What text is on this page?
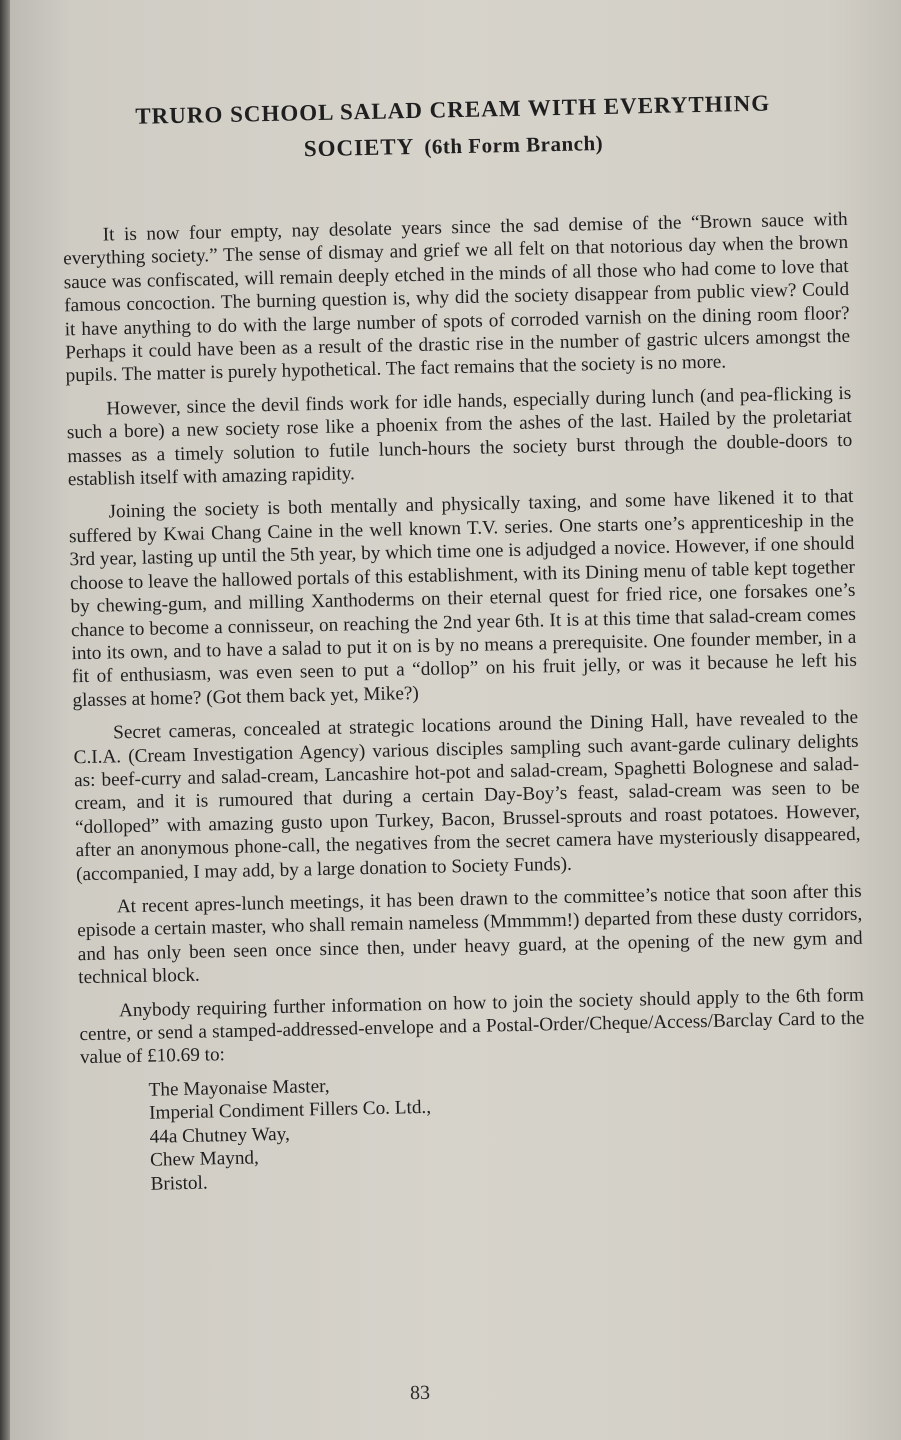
TRURO SCHOOL SALAD CREAM WITH EVERYTHING
SOCIETY (6th Form Branch)

It is now four empty, nay desolate years since the sad demise of the “Brown sauce with everything society.” The sense of dismay and grief we all felt on that notorious day when the brown sauce was confiscated, will remain deeply etched in the minds of all those who had come to love that famous concoction. The burning question is, why did the society disappear from public view? Could it have anything to do with the large number of spots of corroded varnish on the dining room floor? Perhaps it could have been as a result of the drastic rise in the number of gastric ulcers amongst the pupils. The matter is purely hypothetical. The fact remains that the society is no more.

However, since the devil finds work for idle hands, especially during lunch (and pea-flicking is such a bore) a new society rose like a phoenix from the ashes of the last. Hailed by the proletariat masses as a timely solution to futile lunch-hours the society burst through the double-doors to establish itself with amazing rapidity.

Joining the society is both mentally and physically taxing, and some have likened it to that suffered by Kwai Chang Caine in the well known T.V. series. One starts one’s apprenticeship in the 3rd year, lasting up until the 5th year, by which time one is adjudged a novice. However, if one should choose to leave the hallowed portals of this establishment, with its Dining menu of table kept together by chewing-gum, and milling Xanthoderms on their eternal quest for fried rice, one forsakes one’s chance to become a connisseur, on reaching the 2nd year 6th. It is at this time that salad-cream comes into its own, and to have a salad to put it on is by no means a prerequisite. One founder member, in a fit of enthusiasm, was even seen to put a “dollop” on his fruit jelly, or was it because he left his glasses at home? (Got them back yet, Mike?)

Secret cameras, concealed at strategic locations around the Dining Hall, have revealed to the C.I.A. (Cream Investigation Agency) various disciples sampling such avant-garde culinary delights as: beef-curry and salad-cream, Lancashire hot-pot and salad-cream, Spaghetti Bolognese and salad-cream, and it is rumoured that during a certain Day-Boy’s feast, salad-cream was seen to be “dolloped” with amazing gusto upon Turkey, Bacon, Brussel-sprouts and roast potatoes. However, after an anonymous phone-call, the negatives from the secret camera have mysteriously disappeared, (accompanied, I may add, by a large donation to Society Funds).

At recent apres-lunch meetings, it has been drawn to the committee’s notice that soon after this episode a certain master, who shall remain nameless (Mmmmm!) departed from these dusty corridors, and has only been seen once since then, under heavy guard, at the opening of the new gym and technical block.

Anybody requiring further information on how to join the society should apply to the 6th form centre, or send a stamped-addressed-envelope and a Postal-Order/Cheque/Access/Barclay Card to the value of £10.69 to:

The Mayonaise Master,
Imperial Condiment Fillers Co. Ltd.,
44a Chutney Way,
Chew Maynd,
Bristol.
83
